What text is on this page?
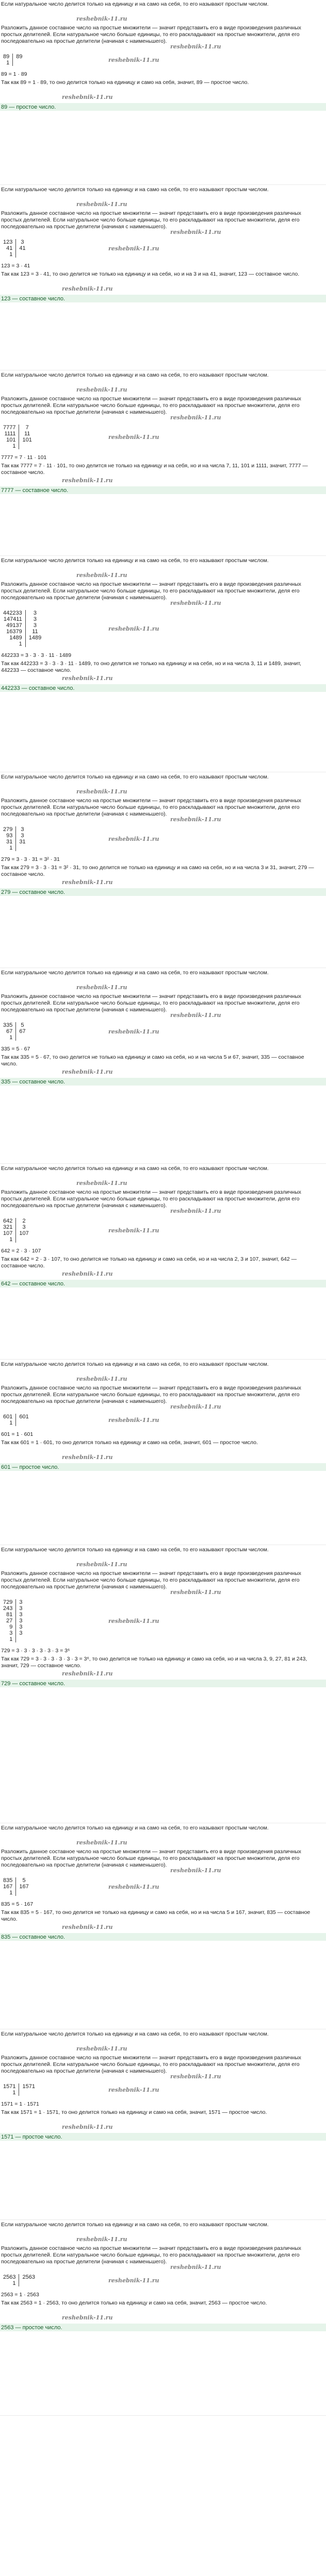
Если натуральное число делится только на единицу и на само на себя, то его называют простым числом.

reshebnik-11.ru

Разложить данное составное число на простые множители — значит представить его в виде произведения различных простых делителей. Если натуральное число больше единицы, то его раскладывают на простые множители, деля его последовательно на простые делители (начиная с наименьшего).

reshebnik-11.ru
89	89
1		reshebnik-11.ru

89 = 1 · 89

Так как 89 = 1 · 89, то оно делится только на единицу и само на себя, значит, 89 — простое число.

reshebnik-11.ru
89 — простое число.

Если натуральное число делится только на единицу и на само на себя, то его называют простым числом.

reshebnik-11.ru

Разложить данное составное число на простые множители — значит представить его в виде произведения различных простых делителей. Если натуральное число больше единицы, то его раскладывают на простые множители, деля его последовательно на простые делители (начиная с наименьшего).

reshebnik-11.ru
123	3
41	41
1	
reshebnik-11.ru

123 = 3 · 41

Так как 123 = 3 · 41, то оно делится не только на единицу и на себя, но и на 3 и на 41, значит, 123 — составное число.

reshebnik-11.ru
123 — составное число.

Если натуральное число делится только на единицу и на само на себя, то его называют простым числом.

reshebnik-11.ru

Разложить данное составное число на простые множители — значит представить его в виде произведения различных простых делителей. Если натуральное число больше единицы, то его раскладывают на простые множители, деля его последовательно на простые делители (начиная с наименьшего).

reshebnik-11.ru
7777	7
1111	11
101	101
1	
reshebnik-11.ru

7777 = 7 · 11 · 101

Так как 7777 = 7 · 11 · 101, то оно делится не только на единицу и на себя, но и на числа 7, 11, 101 и 1111, значит, 7777 — составное число.

reshebnik-11.ru
7777 — составное число.

Если натуральное число делится только на единицу и на само на себя, то его называют простым числом.

reshebnik-11.ru

Разложить данное составное число на простые множители — значит представить его в виде произведения различных простых делителей. Если натуральное число больше единицы, то его раскладывают на простые множители, деля его последовательно на простые делители (начиная с наименьшего).

reshebnik-11.ru
442233	3
147411	3
49137	3
16379	11
1489	1489
1	
reshebnik-11.ru

442233 = 3 · 3 · 3 · 11 · 1489

Так как 442233 = 3 · 3 · 3 · 11 · 1489, то оно делится не только на единицу и на себя, но и на числа 3, 11 и 1489, значит, 442233 — составное число.

reshebnik-11.ru
442233 — составное число.

Если натуральное число делится только на единицу и на само на себя, то его называют простым числом.

reshebnik-11.ru

Разложить данное составное число на простые множители — значит представить его в виде произведения различных простых делителей. Если натуральное число больше единицы, то его раскладывают на простые множители, деля его последовательно на простые делители (начиная с наименьшего).

reshebnik-11.ru
279	3
93	3
31	31
1	
reshebnik-11.ru

279 = 3 · 3 · 31 = 3² · 31

Так как 279 = 3 · 3 · 31 = 3² · 31, то оно делится не только на единицу и на само на себя, но и на числа 3 и 31, значит, 279 — составное число.

reshebnik-11.ru
279 — составное число.

Если натуральное число делится только на единицу и на само на себя, то его называют простым числом.

reshebnik-11.ru

Разложить данное составное число на простые множители — значит представить его в виде произведения различных простых делителей. Если натуральное число больше единицы, то его раскладывают на простые множители, деля его последовательно на простые делители (начиная с наименьшего).

reshebnik-11.ru
335	5
67	67
1	
reshebnik-11.ru

335 = 5 · 67

Так как 335 = 5 · 67, то оно делится не только на единицу и само на себя, но и на числа 5 и 67, значит, 335 — составное число.

reshebnik-11.ru
335 — составное число.

Если натуральное число делится только на единицу и на само на себя, то его называют простым числом.

reshebnik-11.ru

Разложить данное составное число на простые множители — значит представить его в виде произведения различных простых делителей. Если натуральное число больше единицы, то его раскладывают на простые множители, деля его последовательно на простые делители (начиная с наименьшего).

reshebnik-11.ru
642	2
321	3
107	107
1	
reshebnik-11.ru

642 = 2 · 3 · 107

Так как 642 = 2 · 3 · 107, то оно делится не только на единицу и само на себя, но и на числа 2, 3 и 107, значит, 642 — составное число.

reshebnik-11.ru
642 — составное число.

Если натуральное число делится только на единицу и на само на себя, то его называют простым числом.

reshebnik-11.ru

Разложить данное составное число на простые множители — значит представить его в виде произведения различных простых делителей. Если натуральное число больше единицы, то его раскладывают на простые множители, деля его последовательно на простые делители (начиная с наименьшего).

reshebnik-11.ru
601	601
1		reshebnik-11.ru

601 = 1 · 601

Так как 601 = 1 · 601, то оно делится только на единицу и само на себя, значит, 601 — простое число.

reshebnik-11.ru
601 — простое число.

Если натуральное число делится только на единицу и на само на себя, то его называют простым числом.

reshebnik-11.ru

Разложить данное составное число на простые множители — значит представить его в виде произведения различных простых делителей. Если натуральное число больше единицы, то его раскладывают на простые множители, деля его последовательно на простые делители (начиная с наименьшего).

reshebnik-11.ru
729	3
243	3
81	3
27	3
9	3
3	3
1	
reshebnik-11.ru

729 = 3 · 3 · 3 · 3 · 3 · 3 = 3⁶

Так как 729 = 3 · 3 · 3 · 3 · 3 · 3 = 3⁶, то оно делится не только на единицу и само на себя, но и на числа 3, 9, 27, 81 и 243, значит, 729 — составное число.

reshebnik-11.ru
729 — составное число.

Если натуральное число делится только на единицу и на само на себя, то его называют простым числом.

reshebnik-11.ru

Разложить данное составное число на простые множители — значит представить его в виде произведения различных простых делителей. Если натуральное число больше единицы, то его раскладывают на простые множители, деля его последовательно на простые делители (начиная с наименьшего).

reshebnik-11.ru
835	5
167	167
1	
reshebnik-11.ru

835 = 5 · 167

Так как 835 = 5 · 167, то оно делится не только на единицу и само на себя, но и на числа 5 и 167, значит, 835 — составное число.

reshebnik-11.ru
835 — составное число.

Если натуральное число делится только на единицу и на само на себя, то его называют простым числом.

reshebnik-11.ru

Разложить данное составное число на простые множители — значит представить его в виде произведения различных простых делителей. Если натуральное число больше единицы, то его раскладывают на простые множители, деля его последовательно на простые делители (начиная с наименьшего).

reshebnik-11.ru
1571	1571
1		reshebnik-11.ru

1571 = 1 · 1571

Так как 1571 = 1 · 1571, то оно делится только на единицу и само на себя, значит, 1571 — простое число.

reshebnik-11.ru
1571 — простое число.

Если натуральное число делится только на единицу и на само на себя, то его называют простым числом.

reshebnik-11.ru

Разложить данное составное число на простые множители — значит представить его в виде произведения различных простых делителей. Если натуральное число больше единицы, то его раскладывают на простые множители, деля его последовательно на простые делители (начиная с наименьшего).

reshebnik-11.ru
2563	2563
1		reshebnik-11.ru

2563 = 1 · 2563

Так как 2563 = 1 · 2563, то оно делится только на единицу и само на себя, значит, 2563 — простое число.

reshebnik-11.ru
2563 — простое число.
